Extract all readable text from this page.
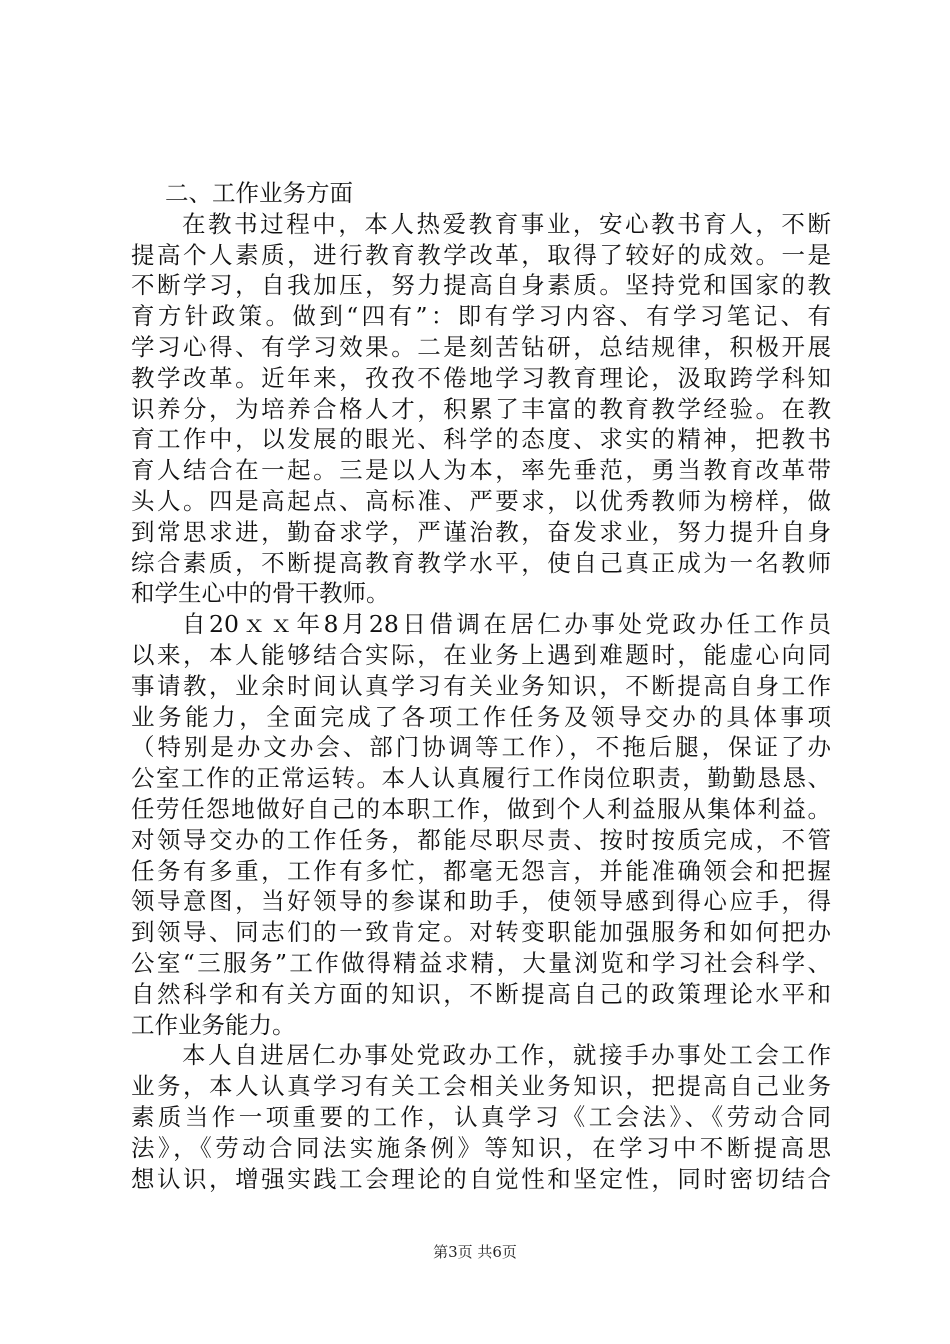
二、工作业务方面
在教书过程中，本人热爱教育事业，安心教书育人，不断
提高个人素质，进行教育教学改革，取得了较好的成效。一是
不断学习，自我加压，努力提高自身素质。坚持党和国家的教
育方针政策。做到“四有”：即有学习内容、有学习笔记、有
学习心得、有学习效果。二是刻苦钻研，总结规律，积极开展
教学改革。近年来，孜孜不倦地学习教育理论，汲取跨学科知
识养分，为培养合格人才，积累了丰富的教育教学经验。在教
育工作中，以发展的眼光、科学的态度、求实的精神，把教书
育人结合在一起。三是以人为本，率先垂范，勇当教育改革带
头人。四是高起点、高标准、严要求，以优秀教师为榜样，做
到常思求进，勤奋求学，严谨治教，奋发求业，努力提升自身
综合素质，不断提高教育教学水平，使自己真正成为一名教师
和学生心中的骨干教师。
自20ｘｘ年8月28日借调在居仁办事处党政办任工作员
以来，本人能够结合实际，在业务上遇到难题时，能虚心向同
事请教，业余时间认真学习有关业务知识，不断提高自身工作
业务能力，全面完成了各项工作任务及领导交办的具体事项
（特别是办文办会、部门协调等工作），不拖后腿，保证了办
公室工作的正常运转。本人认真履行工作岗位职责，勤勤恳恳、
任劳任怨地做好自己的本职工作，做到个人利益服从集体利益。
对领导交办的工作任务，都能尽职尽责、按时按质完成，不管
任务有多重，工作有多忙，都毫无怨言，并能准确领会和把握
领导意图，当好领导的参谋和助手，使领导感到得心应手，得
到领导、同志们的一致肯定。对转变职能加强服务和如何把办
公室“三服务”工作做得精益求精，大量浏览和学习社会科学、
自然科学和有关方面的知识，不断提高自己的政策理论水平和
工作业务能力。
本人自进居仁办事处党政办工作，就接手办事处工会工作
业务，本人认真学习有关工会相关业务知识，把提高自己业务
素质当作一项重要的工作，认真学习《工会法》、《劳动合同
法》，《劳动合同法实施条例》等知识，在学习中不断提高思
想认识，增强实践工会理论的自觉性和坚定性，同时密切结合
第3页 共6页
